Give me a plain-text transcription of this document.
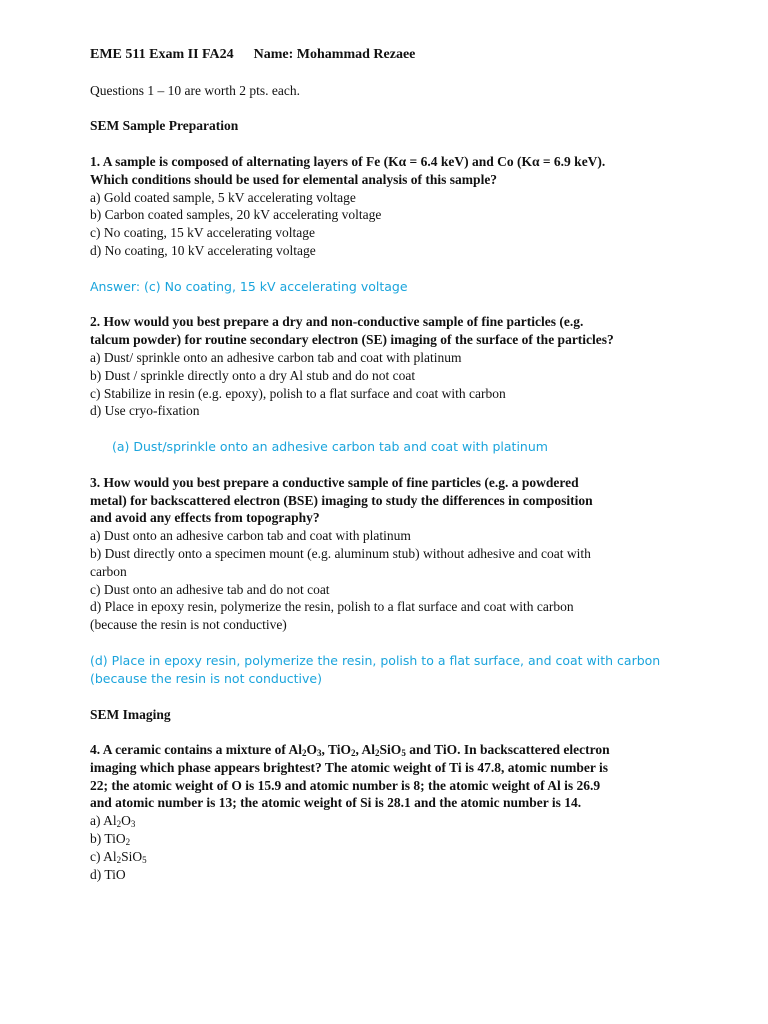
EME 511 Exam II FA24 Name: Mohammad Rezaee
Questions 1 – 10 are worth 2 pts. each.
SEM Sample Preparation
1. A sample is composed of alternating layers of Fe (Kα = 6.4 keV) and Co (Kα = 6.9 keV).
Which conditions should be used for elemental analysis of this sample?
a) Gold coated sample, 5 kV accelerating voltage
b) Carbon coated samples, 20 kV accelerating voltage
c) No coating, 15 kV accelerating voltage
d) No coating, 10 kV accelerating voltage
Answer: (c) No coating, 15 kV accelerating voltage
2. How would you best prepare a dry and non-conductive sample of fine particles (e.g.
talcum powder) for routine secondary electron (SE) imaging of the surface of the particles?
a) Dust/ sprinkle onto an adhesive carbon tab and coat with platinum
b) Dust / sprinkle directly onto a dry Al stub and do not coat
c) Stabilize in resin (e.g. epoxy), polish to a flat surface and coat with carbon
d) Use cryo-fixation
(a) Dust/sprinkle onto an adhesive carbon tab and coat with platinum
3. How would you best prepare a conductive sample of fine particles (e.g. a powdered
metal) for backscattered electron (BSE) imaging to study the differences in composition
and avoid any effects from topography?
a) Dust onto an adhesive carbon tab and coat with platinum
b) Dust directly onto a specimen mount (e.g. aluminum stub) without adhesive and coat with
carbon
c) Dust onto an adhesive tab and do not coat
d) Place in epoxy resin, polymerize the resin, polish to a flat surface and coat with carbon
(because the resin is not conductive)
(d) Place in epoxy resin, polymerize the resin, polish to a flat surface, and coat with carbon
(because the resin is not conductive)
SEM Imaging
4. A ceramic contains a mixture of $Al_2O_3$, TiO$_2$, $Al_2SiO_5$ and TiO. In backscattered electron
imaging which phase appears brightest? The atomic weight of Ti is 47.8, atomic number is
22; the atomic weight of O is 15.9 and atomic number is 8; the atomic weight of Al is 26.9
and atomic number is 13; the atomic weight of Si is 28.1 and the atomic number is 14.
a) $Al_2O_3$
b) TiO$_2$
c) $Al_2SiO_5$
d) TiO
